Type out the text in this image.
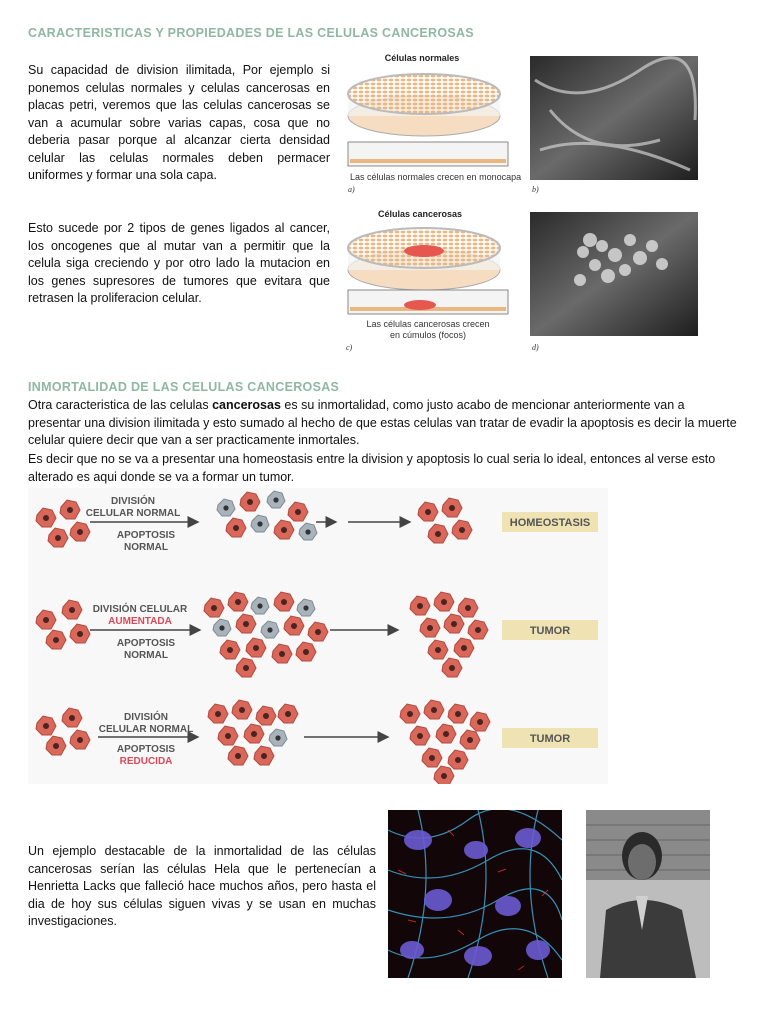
CARACTERISTICAS Y PROPIEDADES DE LAS CELULAS CANCEROSAS

Su capacidad de division ilimitada, Por ejemplo si ponemos celulas normales y celulas cancerosas en placas petri, veremos que las celulas cancerosas se van a acumular sobre varias capas, cosa que no deberia pasar porque al alcanzar cierta densidad celular las celulas normales deben permacer uniformes y formar una sola capa.

Esto sucede por 2 tipos de genes ligados al cancer, los oncogenes que al mutar van a permitir que la celula siga creciendo y por otro lado la mutacion en los genes supresores de tumores que evitara que retrasen la proliferacion celular.

Células normales
Las células normales crecen en monocapa
a)	b)
Células cancerosas
Las células cancerosas crecen
en cúmulos (focos)
c)	d)
INMORTALIDAD DE LAS CELULAS CANCEROSAS

Otra caracteristica de las celulas cancerosas es su inmortalidad, como justo acabo de mencionar anteriormente van a presentar una division ilimitada y esto sumado al hecho de que estas celulas van tratar de evadir la apoptosis es decir la muerte celular quiere decir que van a ser practicamente inmortales.

Es decir que no se va a presentar una homeostasis entre la division y apoptosis lo cual seria lo ideal, entonces al verse esto alterado es aqui donde se va a formar un tumor.

DIVISIÓN
CELULAR NORMAL
APOPTOSIS
NORMAL
HOMEOSTASIS
DIVISIÓN CELULAR
AUMENTADA
APOPTOSIS
NORMAL
TUMOR
DIVISIÓN
CELULAR NORMAL
APOPTOSIS
REDUCIDA
TUMOR

Un ejemplo destacable de la inmortalidad de las células cancerosas serían las células Hela que le pertenecían a Henrietta Lacks que falleció hace muchos años, pero hasta el dia de hoy sus células siguen vivas y se usan en muchas investigaciones.
